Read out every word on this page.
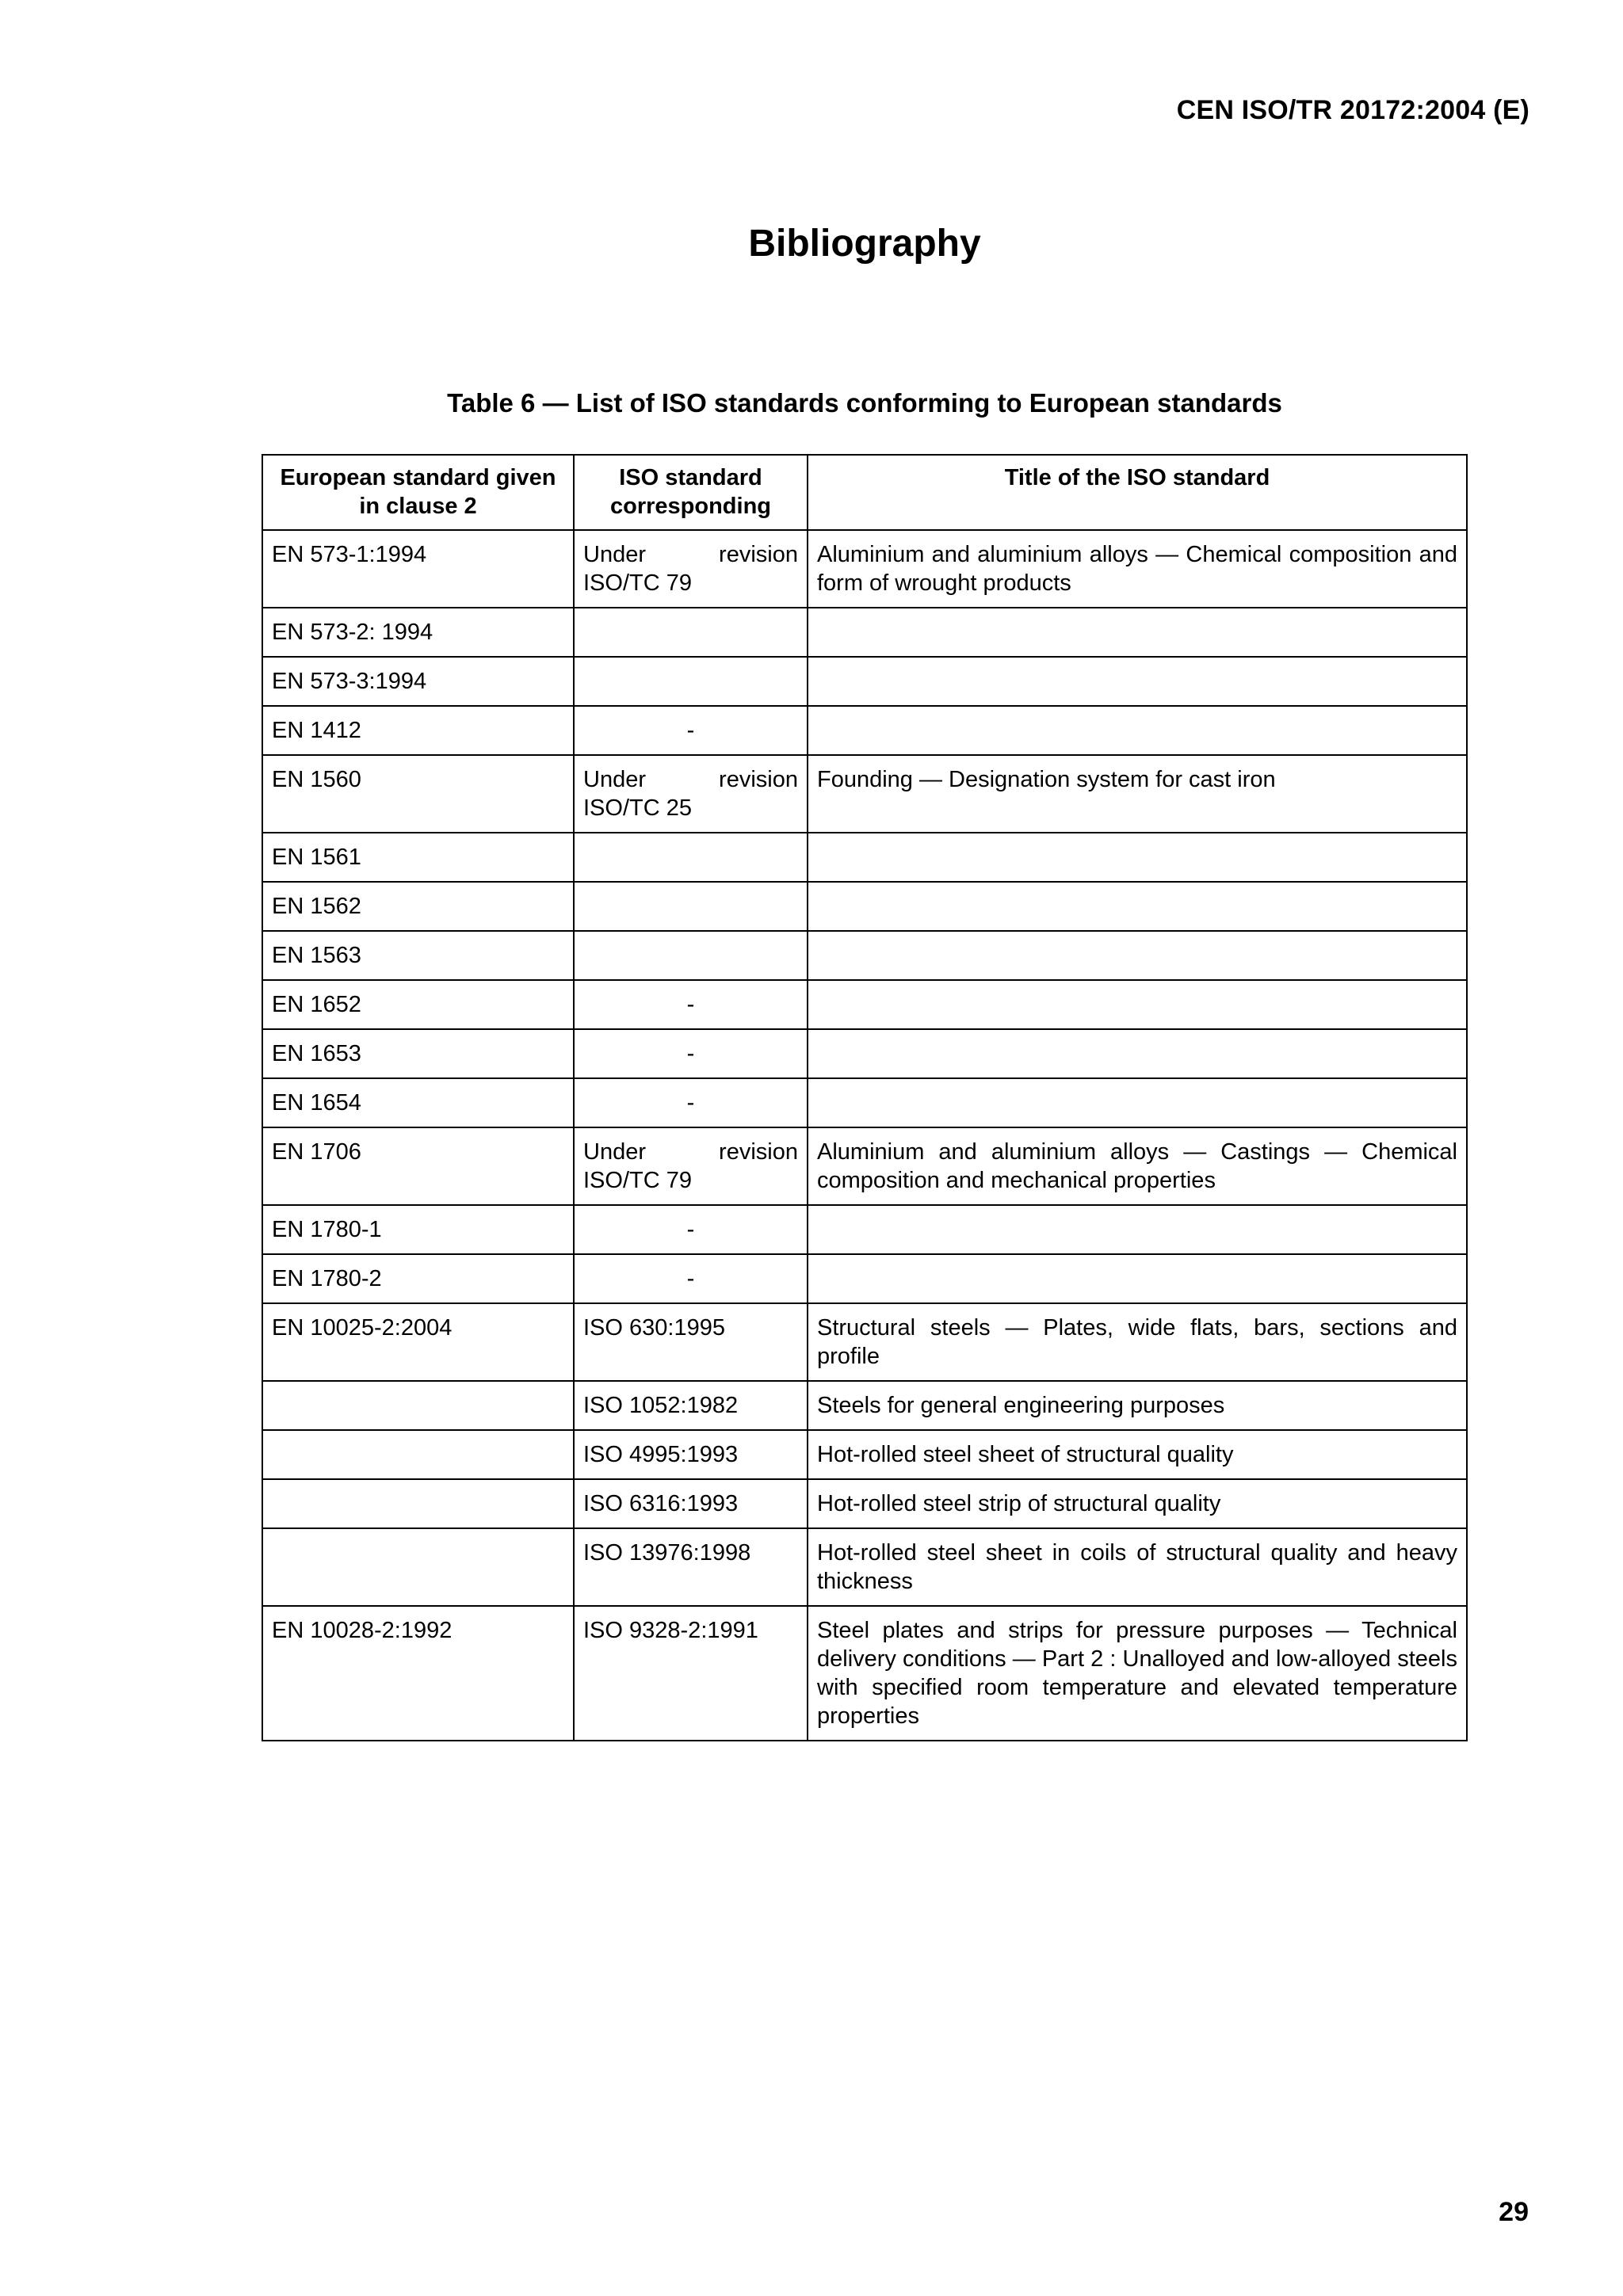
CEN ISO/TR 20172:2004 (E)
Bibliography
Table 6 — List of ISO standards conforming to European standards
European standard given in clause 2	ISO standard corresponding	Title of the ISO standard
EN 573-1:1994	Under revision ISO/TC 79	Aluminium and aluminium alloys — Chemical composition and form of wrought products
EN 573-2: 1994		
EN 573-3:1994		
EN 1412	-	
EN 1560	Under revision ISO/TC 25	Founding — Designation system for cast iron
EN 1561		
EN 1562		
EN 1563		
EN 1652	-	
EN 1653	-	
EN 1654	-	
EN 1706	Under revision ISO/TC 79	Aluminium and aluminium alloys — Castings — Chemical composition and mechanical properties
EN 1780-1	-	
EN 1780-2	-	
EN 10025-2:2004	ISO 630:1995	Structural steels — Plates, wide flats, bars, sections and profile
	ISO 1052:1982	Steels for general engineering purposes
	ISO 4995:1993	Hot-rolled steel sheet of structural quality
	ISO 6316:1993	Hot-rolled steel strip of structural quality
	ISO 13976:1998	Hot-rolled steel sheet in coils of structural quality and heavy thickness
EN 10028-2:1992	ISO 9328-2:1991	Steel plates and strips for pressure purposes — Technical delivery conditions — Part 2 : Unalloyed and low-alloyed steels with specified room temperature and elevated temperature properties
29
